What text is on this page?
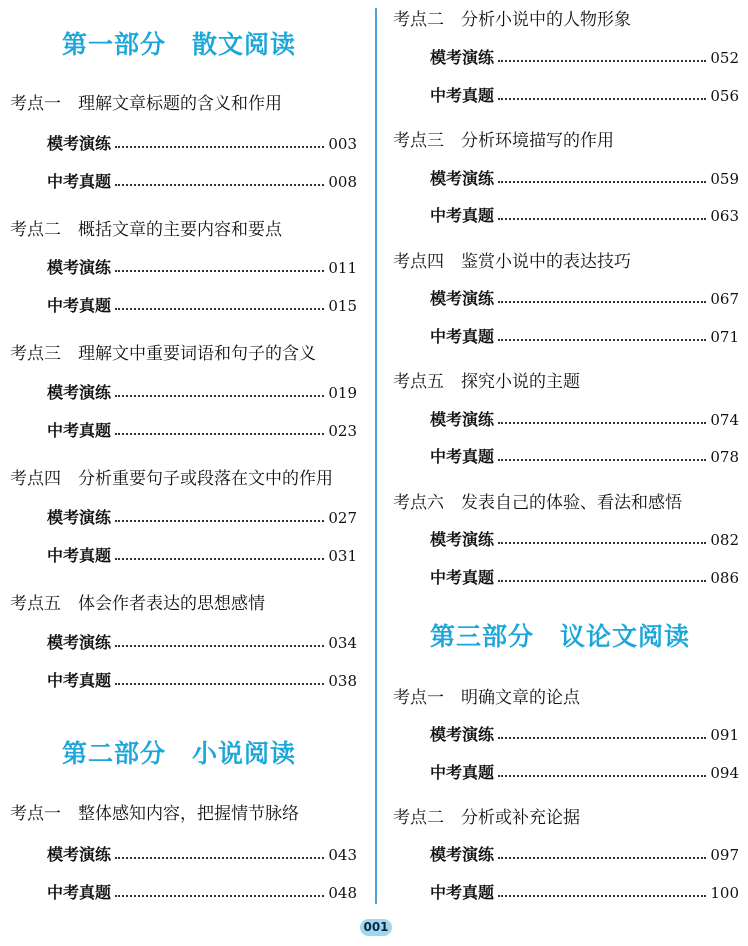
第一部分　散文阅读
考点一　理解文章标题的含义和作用
模考演练	003
中考真题	008
考点二　概括文章的主要内容和要点
模考演练	011
中考真题	015
考点三　理解文中重要词语和句子的含义
模考演练	019
中考真题	023
考点四　分析重要句子或段落在文中的作用
模考演练	027
中考真题	031
考点五　体会作者表达的思想感情
模考演练	034
中考真题	038
第二部分　小说阅读
考点一　整体感知内容，把握情节脉络
模考演练	043
中考真题	048
考点二　分析小说中的人物形象
模考演练	052
中考真题	056
考点三　分析环境描写的作用
模考演练	059
中考真题	063
考点四　鉴赏小说中的表达技巧
模考演练	067
中考真题	071
考点五　探究小说的主题
模考演练	074
中考真题	078
考点六　发表自己的体验、看法和感悟
模考演练	082
中考真题	086
第三部分　议论文阅读
考点一　明确文章的论点
模考演练	091
中考真题	094
考点二　分析或补充论据
模考演练	097
中考真题	100
001
